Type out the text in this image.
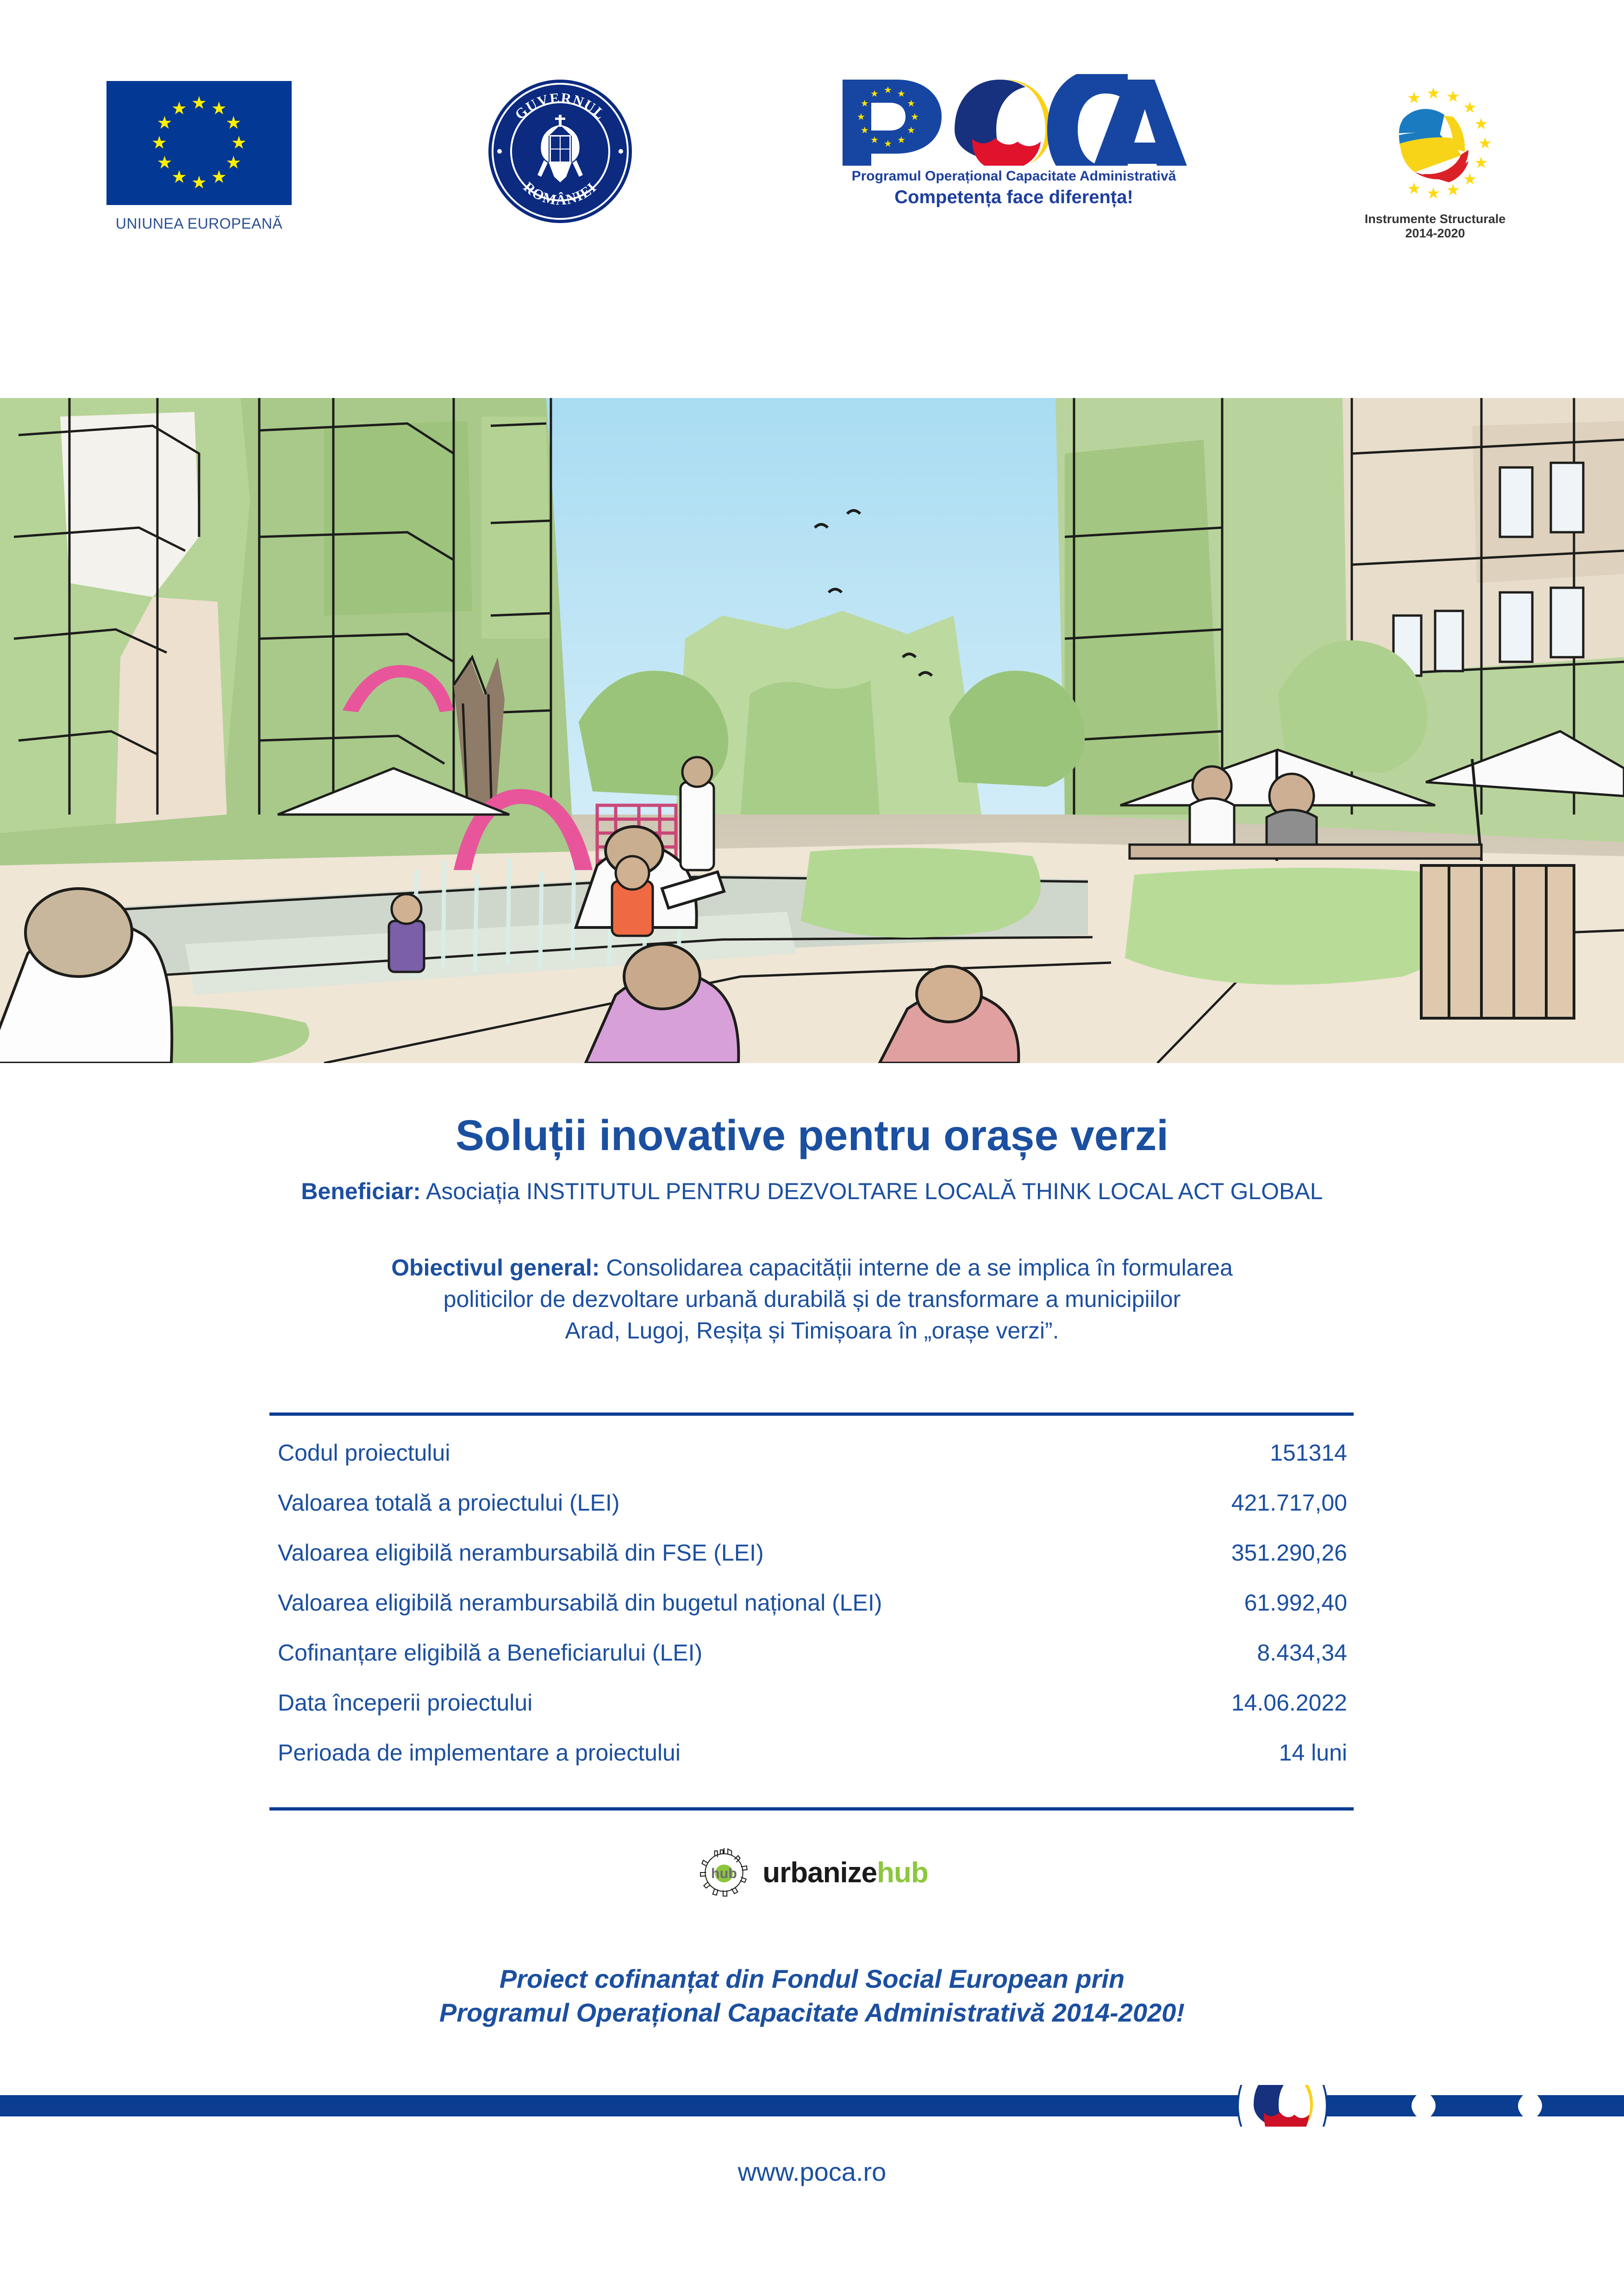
★ ★
★
★
★
★
★
★
★
★
★
★
UNIUNEA EUROPEANĂ
GUVERNUL
ROMÂNIEI
★ ★
★
★
★
★
★
★
★
★
★
★
Programul Operațional Capacitate Administrativă
Competența face diferența!
★ ★ ★
★
★
★
★
★
★
★
★
Instrumente Structurale
2014-2020
Soluții inovative pentru orașe verzi
Beneficiar: Asociația INSTITUTUL PENTRU DEZVOLTARE LOCALĂ THINK LOCAL ACT GLOBAL
Obiectivul general: Consolidarea capacității interne de a se implica în formularea
politicilor de dezvoltare urbană durabilă și de transformare a municipiilor
Arad, Lugoj, Reșița și Timișoara în „orașe verzi”.
Codul proiectului	151314
Valoarea totală a proiectului (LEI)	421.717,00
Valoarea eligibilă nerambursabilă din FSE (LEI)	351.290,26
Valoarea eligibilă nerambursabilă din bugetul național (LEI)	61.992,40
Cofinanțare eligibilă a Beneficiarului (LEI)	8.434,34
Data începerii proiectului	14.06.2022
Perioada de implementare a proiectului	14 luni
hub urbanizehub
Proiect cofinanțat din Fondul Social European prin
Programul Operațional Capacitate Administrativă 2014-2020!
www.poca.ro
